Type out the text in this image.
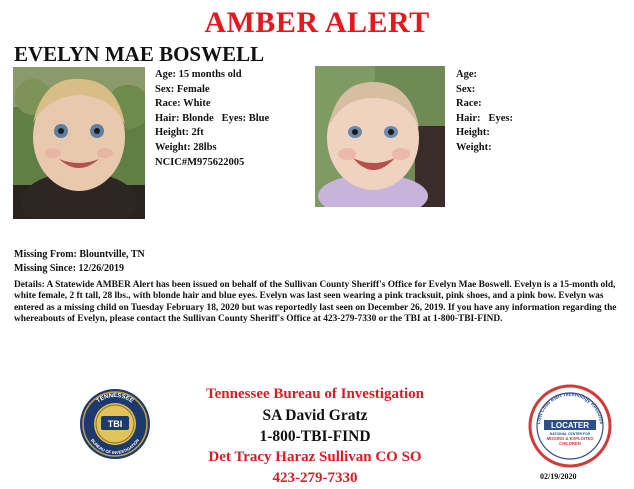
AMBER ALERT
EVELYN MAE BOSWELL
Age: 15 months old
Sex: Female
Race: White
Hair: Blonde Eyes: Blue
Height: 2ft
Weight: 28lbs
NCIC#M975622005
Age:
Sex:
Race:
Hair: Eyes:
Height:
Weight:
Missing From: Blountville, TN
Missing Since: 12/26/2019
Details: A Statewide AMBER Alert has been issued on behalf of the Sullivan County Sheriff's Office for Evelyn Mae Boswell. Evelyn is a 15-month old, white female, 2 ft tall, 28 lbs., with blonde hair and blue eyes. Evelyn was last seen wearing a pink tracksuit, pink shoes, and a pink bow. Evelyn was entered as a missing child on Tuesday February 18, 2020 but was reportedly last seen on December 26, 2019. If you have any information regarding the whereabouts of Evelyn, please contact the Sullivan County Sheriff's Office at 423-279-7330 or the TBI at 1-800-TBI-FIND.
TBI
TENNESSEE
BUREAU OF INVESTIGATION
Tennessee Bureau of Investigation
SA David Gratz
1-800-TBI-FIND
Det Tracy Haraz Sullivan CO SO
423-279-7330
Lost Child Alert Technology Resource
LOCATER
NATIONAL CENTER FOR
MISSING & EXPLOITED
CHILDREN
02/19/2020
